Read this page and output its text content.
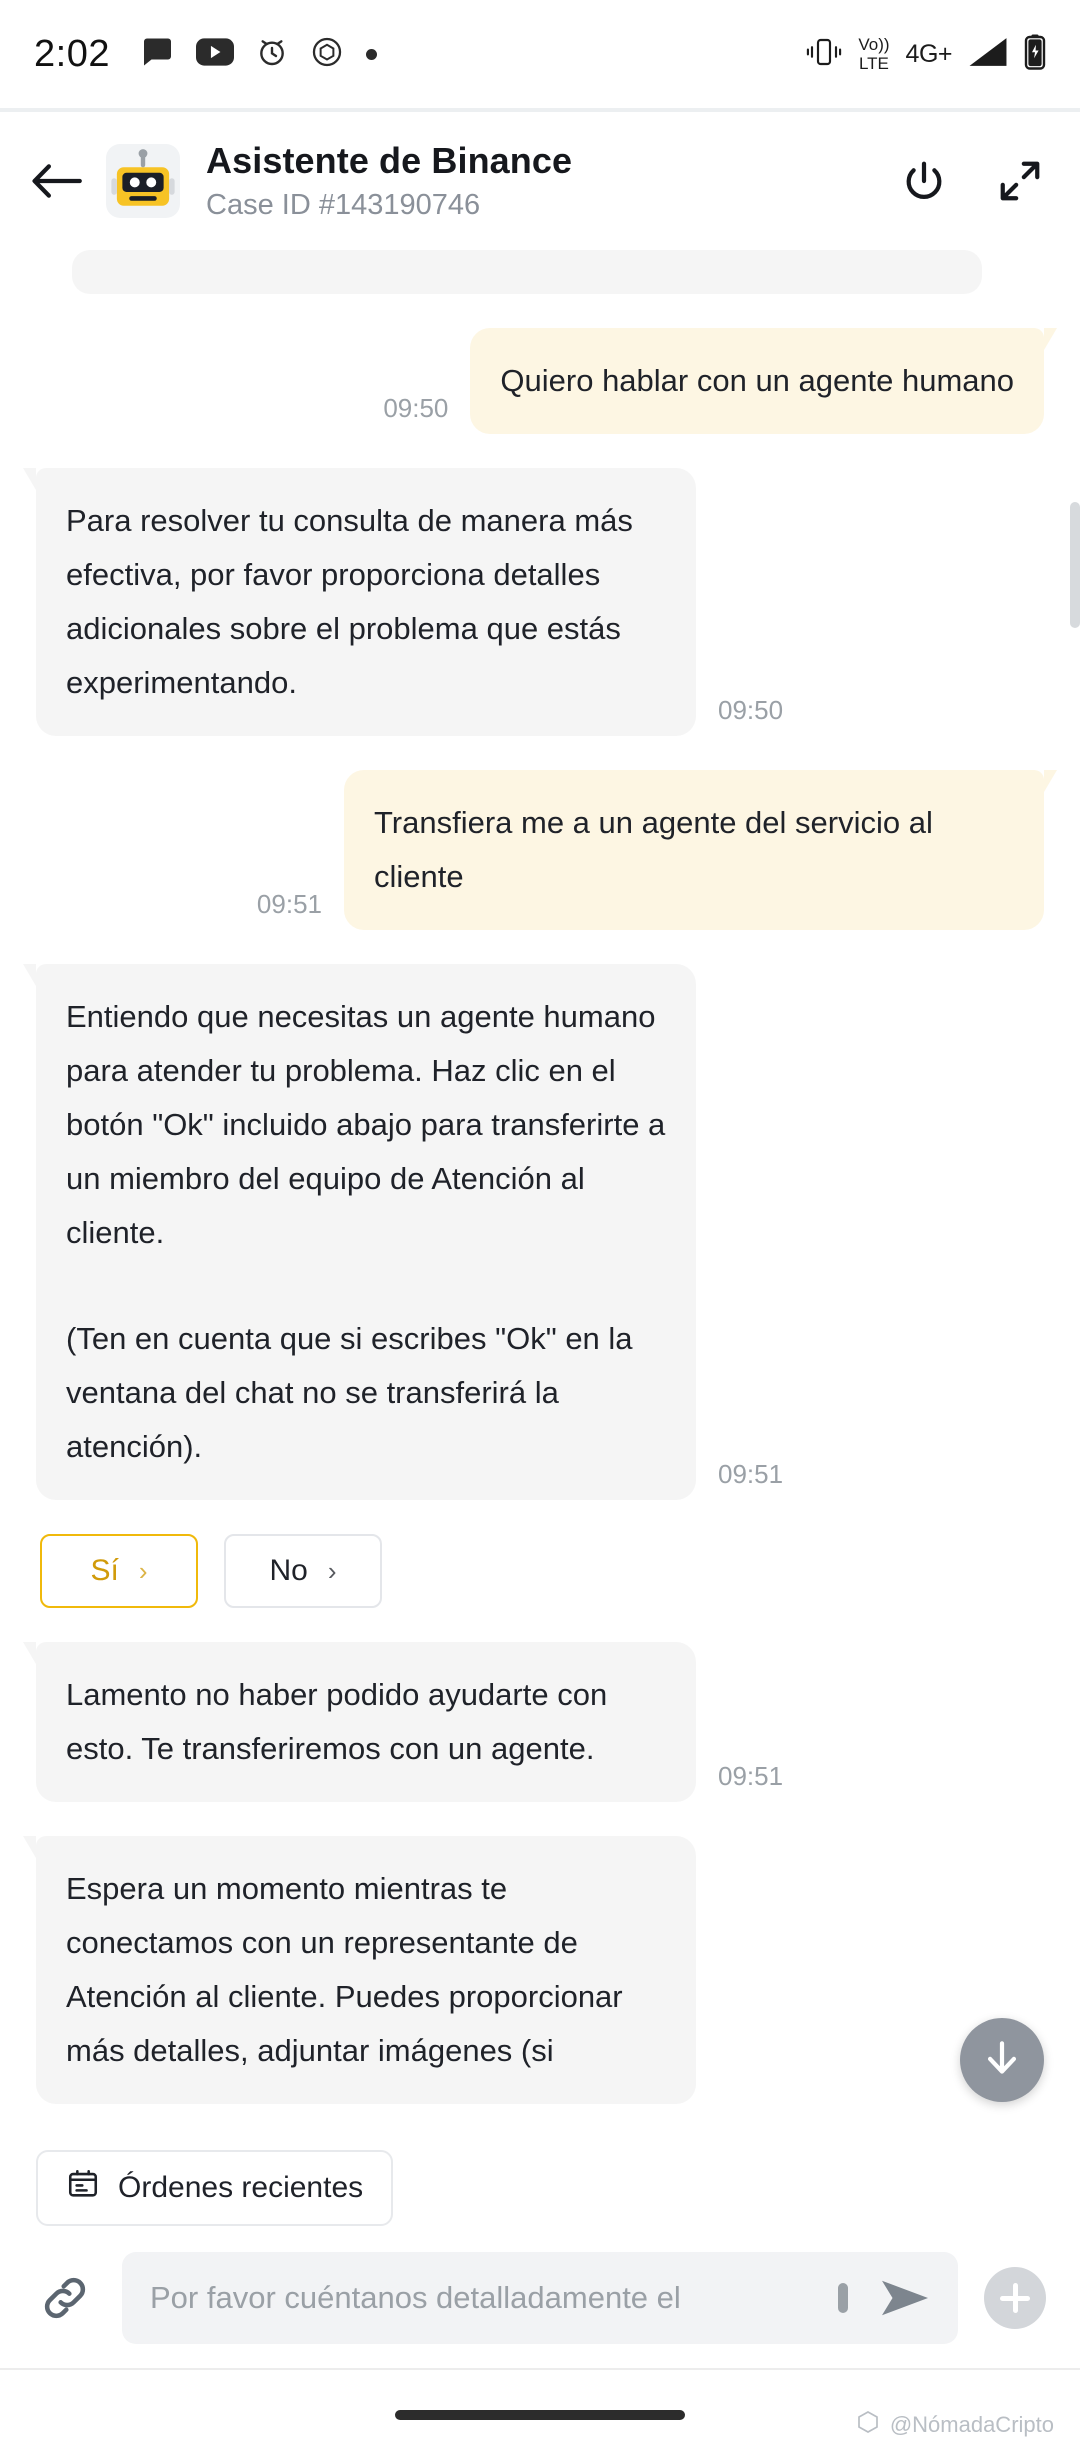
2:02	Vo))
LTE 4G+
Asistente de Binance
Case ID #143190746
09:50
Quiero hablar con un agente humano
Para resolver tu consulta de manera más efectiva, por favor proporciona detalles adicionales sobre el problema que estás experimentando.
09:50
09:51
Transfiera me a un agente del servicio al cliente

Entiendo que necesitas un agente humano para atender tu problema. Haz clic en el botón "Ok" incluido abajo para transferirte a un miembro del equipo de Atención al cliente.

(Ten en cuenta que si escribes "Ok" en la ventana del chat no se transferirá la atención).

09:51
Sí ›	No ›
Lamento no haber podido ayudarte con esto. Te transferiremos con un agente.
09:51
Espera un momento mientras te conectamos con un representante de Atención al cliente. Puedes proporcionar más detalles, adjuntar imágenes (si
Órdenes recientes
Por favor cuéntanos detalladamente el
@NómadaCripto
